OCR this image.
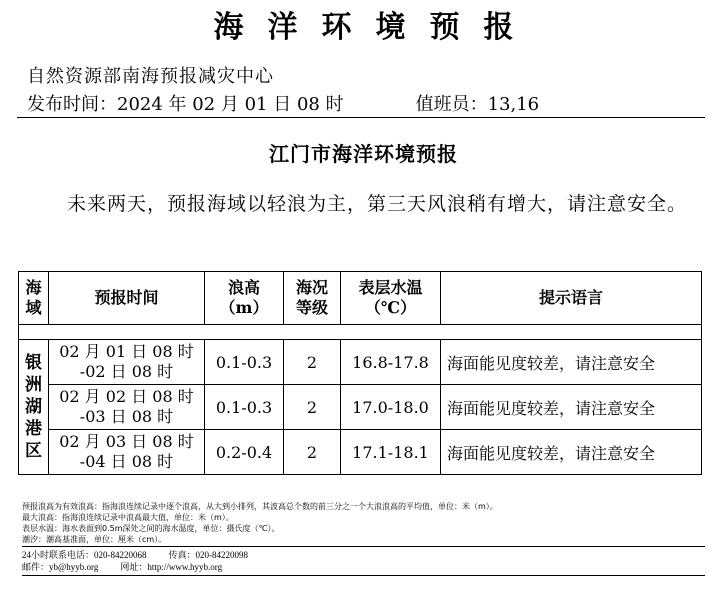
海洋环境预报
自然资源部南海预报减灾中心
发布时间：2024 年 02 月 01 日 08 时	值班员：13,16
江门市海洋环境预报
未来两天，预报海域以轻浪为主，第三天风浪稍有增大，请注意安全。
海域	预报时间	浪高（m）	海况等级	表层水温（℃）	提示语言

银洲湖港区	02 月 01 日 08 时 -02 日 08 时	0.1-0.3	2	16.8-17.8	海面能见度较差，请注意安全

	02 月 02 日 08 时 -03 日 08 时	0.1-0.3	2	17.0-18.0	海面能见度较差，请注意安全

	02 月 03 日 08 时 -04 日 08 时	0.2-0.4	2	17.1-18.1	海面能见度较差，请注意安全
预报浪高为有效浪高：指海浪连续记录中逐个浪高，从大到小排列，其波高总个数的前三分之一个大浪浪高的平均值，单位：米（m）。
最大浪高：指海浪连续记录中浪高最大值，单位：米（m）。
表层水温：海水表面到0.5m深处之间的海水温度，单位：摄氏度（℃）。
潮汐：潮高基准面，单位：厘米（cm）。
24小时联系电话：020-84220068 传真：020-84220098
邮件：yb@hyyb.org 网址：http://www.hyyb.org
